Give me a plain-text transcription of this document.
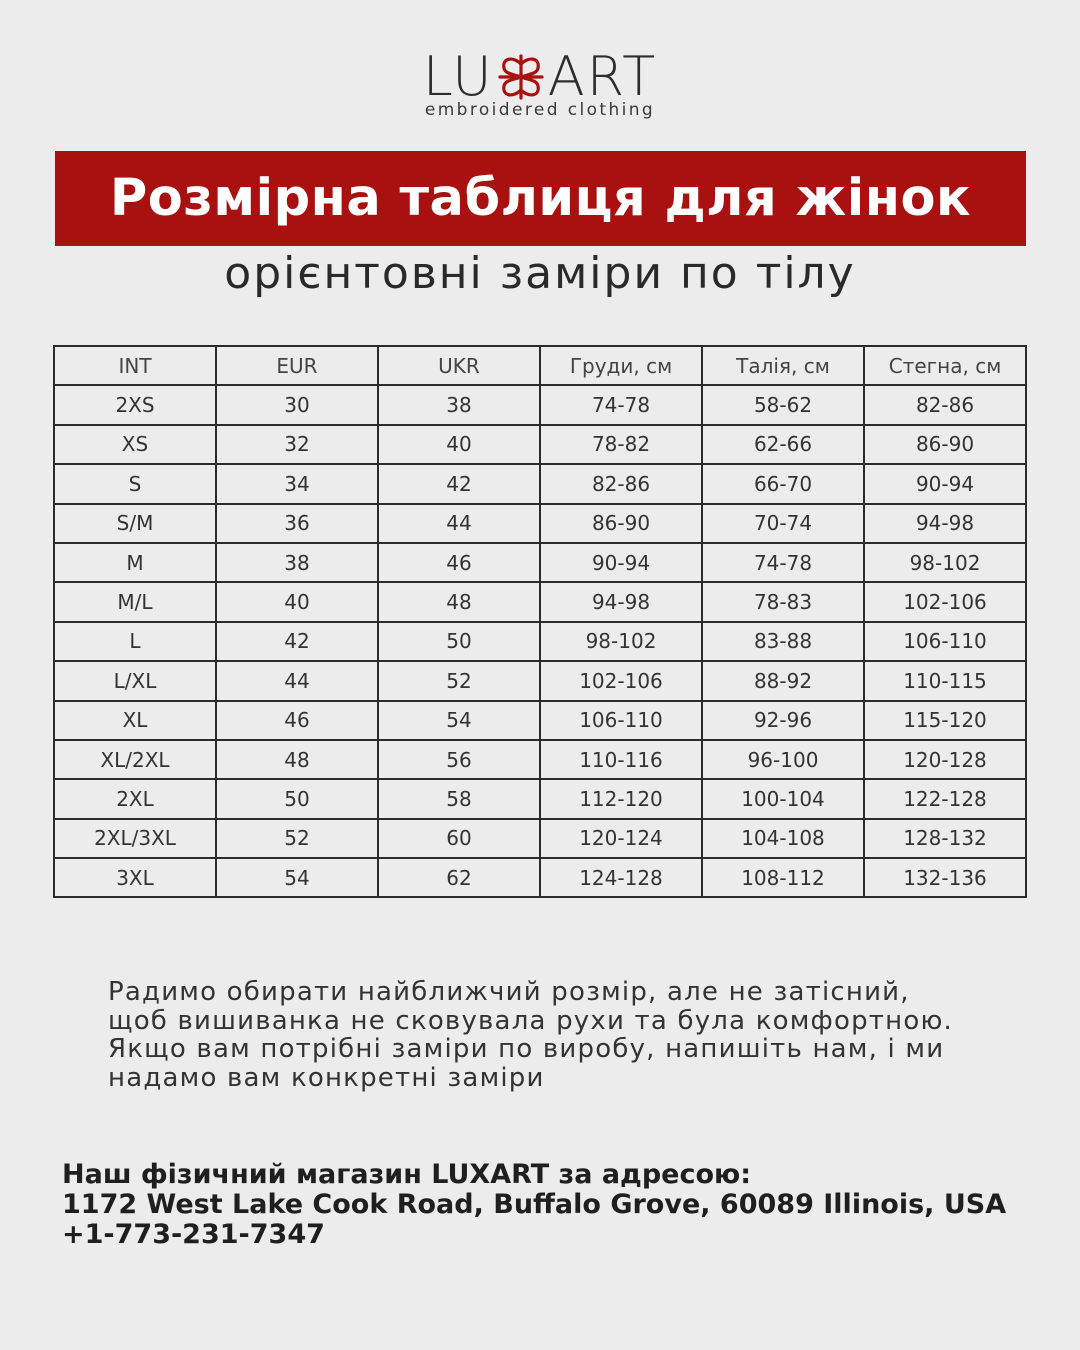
LU ART
embroidered clothing
Розмірна таблиця для жінок
орієнтовні заміри по тілу
INT	EUR	UKR	Груди, см	Талія, см	Стегна, см
2XS	30	38	74-78	58-62	82-86
XS	32	40	78-82	62-66	86-90
S	34	42	82-86	66-70	90-94
S/M	36	44	86-90	70-74	94-98
M	38	46	90-94	74-78	98-102
M/L	40	48	94-98	78-83	102-106
L	42	50	98-102	83-88	106-110
L/XL	44	52	102-106	88-92	110-115
XL	46	54	106-110	92-96	115-120
XL/2XL	48	56	110-116	96-100	120-128
2XL	50	58	112-120	100-104	122-128
2XL/3XL	52	60	120-124	104-108	128-132
3XL	54	62	124-128	108-112	132-136
Радимо обирати найближчий розмір, але не затісний,
щоб вишиванка не сковувала рухи та була комфортною.
Якщо вам потрібні заміри по виробу, напишіть нам, і ми
надамо вам конкретні заміри
Наш фізичний магазин LUXART за адресою:
1172 West Lake Cook Road, Buffalo Grove, 60089 Illinois, USA
+1-773-231-7347
